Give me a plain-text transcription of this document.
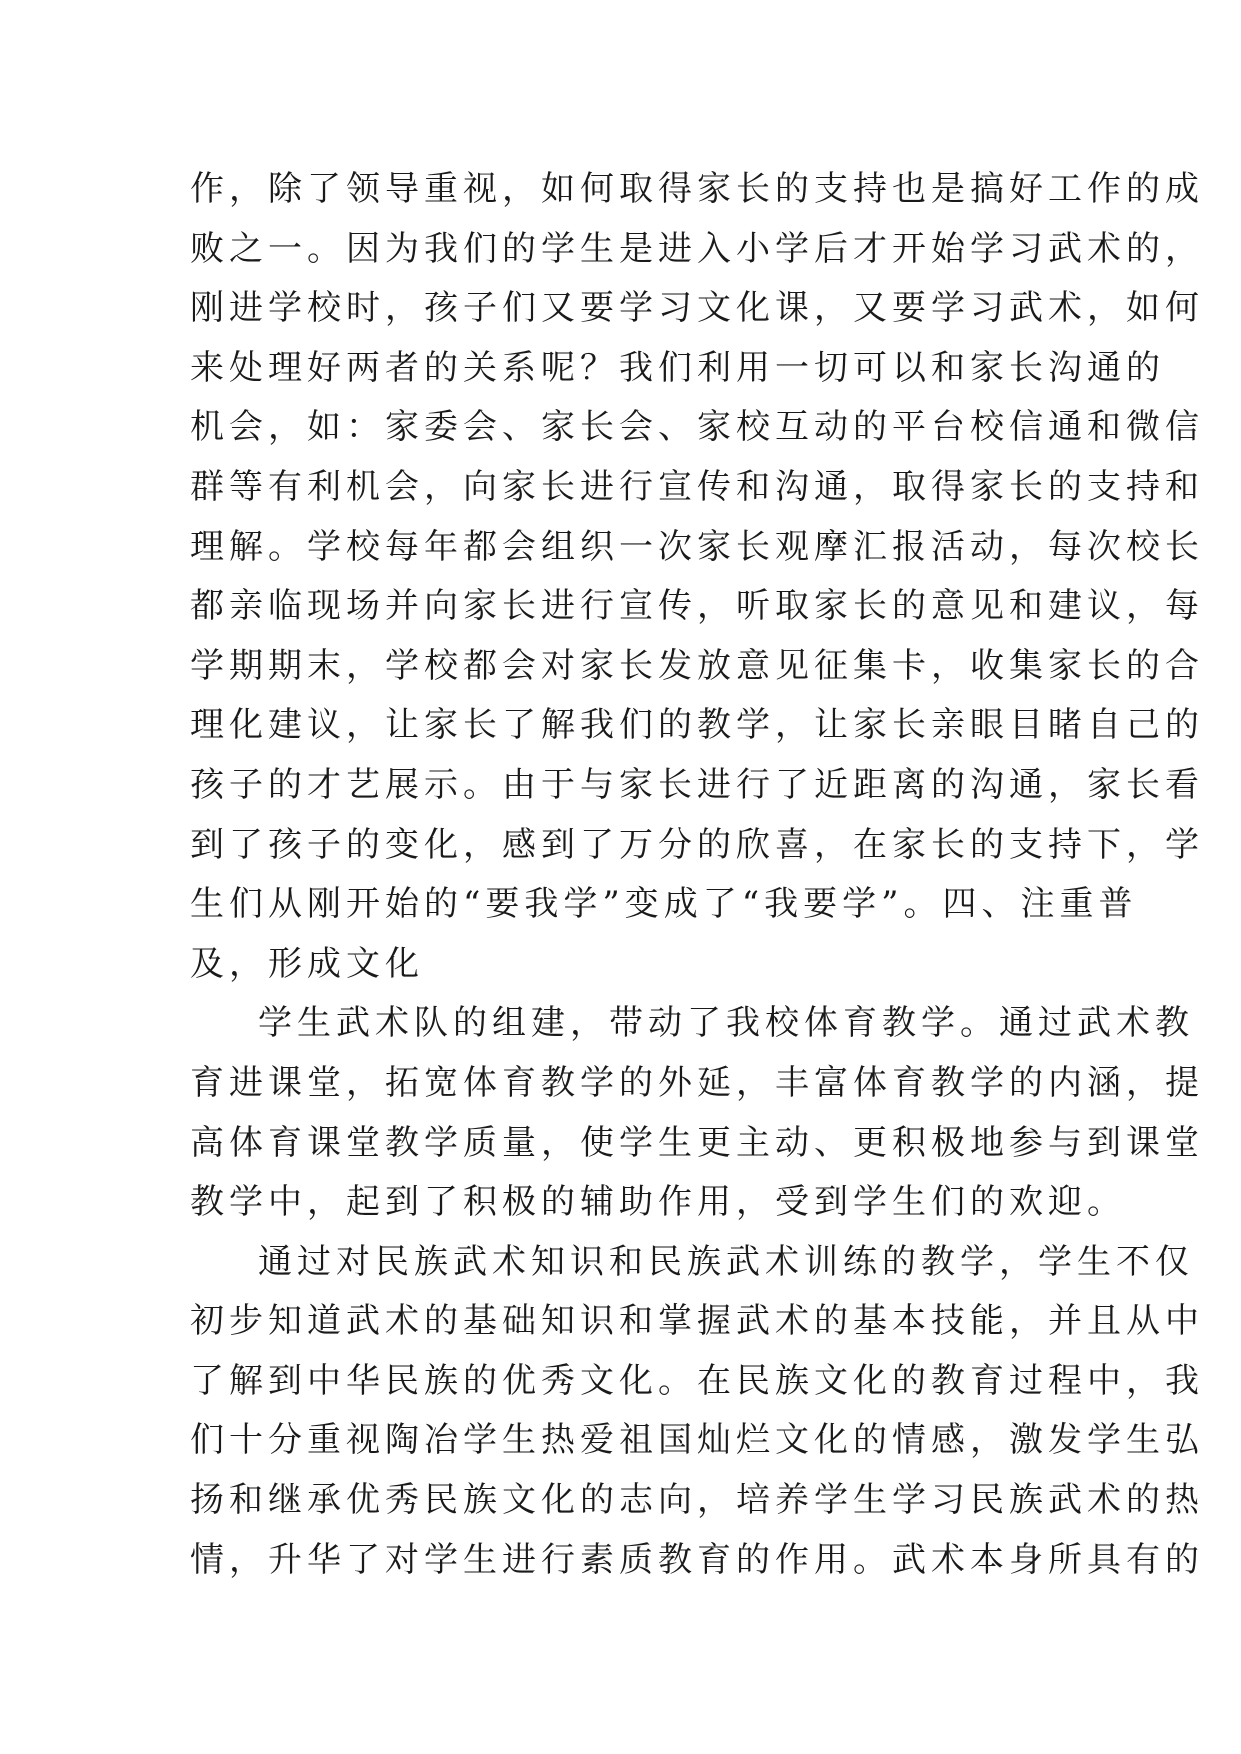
作，除了领导重视，如何取得家长的支持也是搞好工作的成
败之一。因为我们的学生是进入小学后才开始学习武术的，
刚进学校时，孩子们又要学习文化课，又要学习武术，如何
来处理好两者的关系呢？我们利用一切可以和家长沟通的
机会，如：家委会、家长会、家校互动的平台校信通和微信
群等有利机会，向家长进行宣传和沟通，取得家长的支持和
理解。学校每年都会组织一次家长观摩汇报活动，每次校长
都亲临现场并向家长进行宣传，听取家长的意见和建议，每
学期期末，学校都会对家长发放意见征集卡，收集家长的合
理化建议，让家长了解我们的教学，让家长亲眼目睹自己的
孩子的才艺展示。由于与家长进行了近距离的沟通，家长看
到了孩子的变化，感到了万分的欣喜，在家长的支持下，学
生们从刚开始的“要我学”变成了“我要学”。四、注重普
及，形成文化

学生武术队的组建，带动了我校体育教学。通过武术教
育进课堂，拓宽体育教学的外延，丰富体育教学的内涵，提
高体育课堂教学质量，使学生更主动、更积极地参与到课堂
教学中，起到了积极的辅助作用，受到学生们的欢迎。

通过对民族武术知识和民族武术训练的教学，学生不仅
初步知道武术的基础知识和掌握武术的基本技能，并且从中
了解到中华民族的优秀文化。在民族文化的教育过程中，我
们十分重视陶冶学生热爱祖国灿烂文化的情感，激发学生弘
扬和继承优秀民族文化的志向，培养学生学习民族武术的热
情，升华了对学生进行素质教育的作用。武术本身所具有的
